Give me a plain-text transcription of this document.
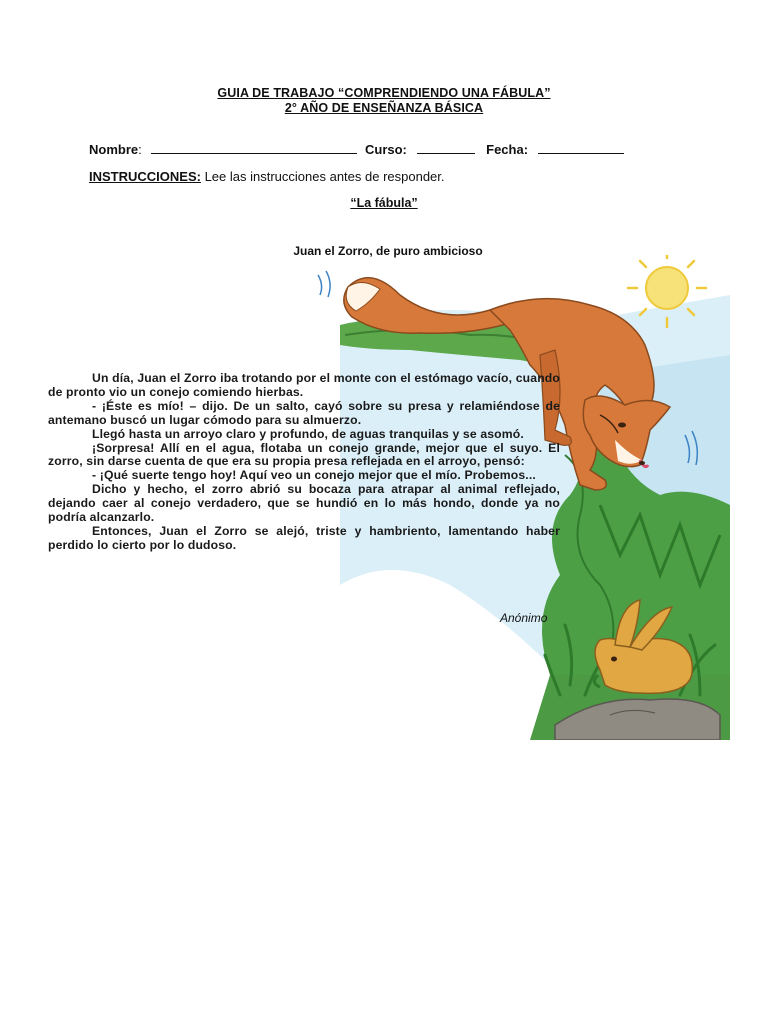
GUIA DE TRABAJO “COMPRENDIENDO UNA FÁBULA”
2° AÑO DE ENSEÑANZA BÁSICA
Nombre:	Curso:	Fecha:
INSTRUCCIONES: Lee las instrucciones antes de responder.
“La fábula”
Juan el Zorro, de puro ambicioso

Un día, Juan el Zorro iba trotando por el monte con el estómago vacío, cuando de pronto vio un conejo comiendo hierbas.

- ¡Éste es mío! – dijo. De un salto, cayó sobre su presa y relamiéndose de antemano buscó un lugar cómodo para su almuerzo.

Llegó hasta un arroyo claro y profundo, de aguas tranquilas y se asomó.

¡Sorpresa! Allí en el agua, flotaba un conejo grande, mejor que el suyo. El zorro, sin darse cuenta de que era su propia presa reflejada en el arroyo, pensó:

- ¡Qué suerte tengo hoy! Aquí veo un conejo mejor que el mío. Probemos...

Dicho y hecho, el zorro abrió su bocaza para atrapar al animal reflejado, dejando caer al conejo verdadero, que se hundió en lo más hondo, donde ya no podría alcanzarlo.

Entonces, Juan el Zorro se alejó, triste y hambriento, lamentando haber perdido lo cierto por lo dudoso.

Anónimo
